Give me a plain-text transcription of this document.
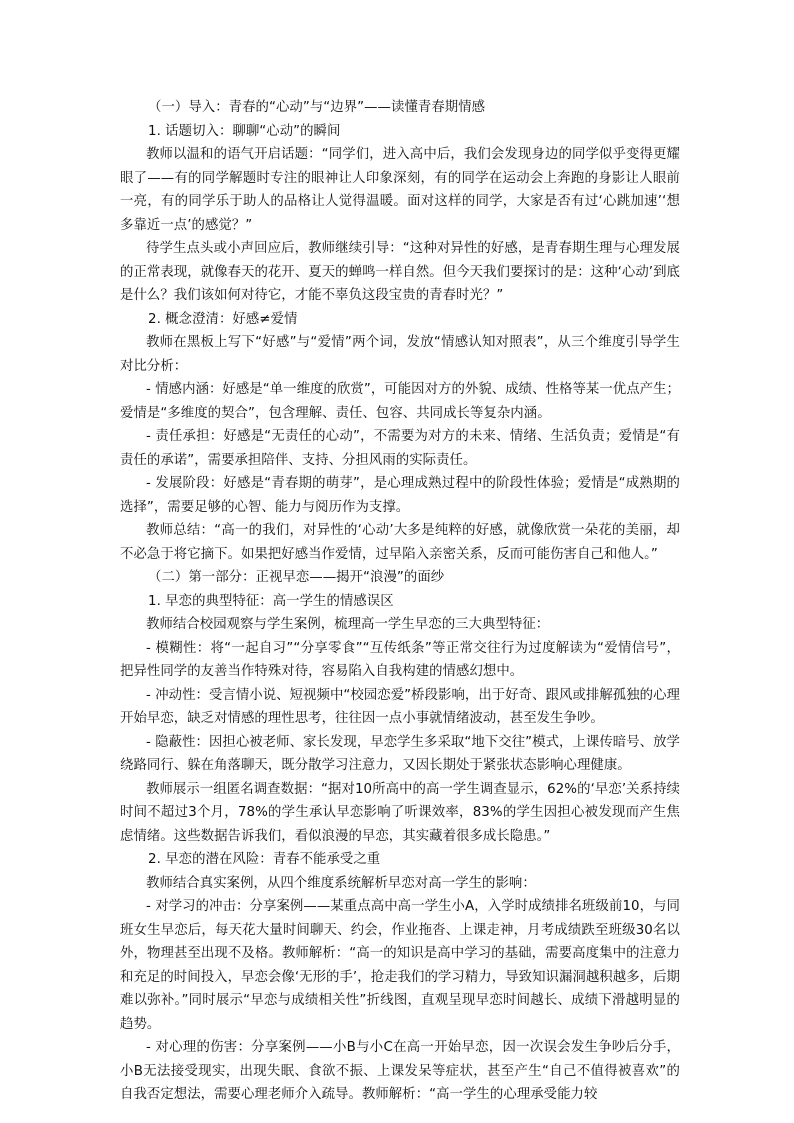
（一）导入：青春的“心动”与“边界”——读懂青春期情感

1. 话题切入：聊聊“心动”的瞬间

教师以温和的语气开启话题：“同学们，进入高中后，我们会发现身边的同学似乎变得更耀眼了——有的同学解题时专注的眼神让人印象深刻，有的同学在运动会上奔跑的身影让人眼前一亮，有的同学乐于助人的品格让人觉得温暖。面对这样的同学，大家是否有过‘心跳加速’‘想多靠近一点’的感觉？”

待学生点头或小声回应后，教师继续引导：“这种对异性的好感，是青春期生理与心理发展的正常表现，就像春天的花开、夏天的蝉鸣一样自然。但今天我们要探讨的是：这种‘心动’到底是什么？我们该如何对待它，才能不辜负这段宝贵的青春时光？”

2. 概念澄清：好感≠爱情

教师在黑板上写下“好感”与“爱情”两个词，发放“情感认知对照表”，从三个维度引导学生对比分析：

- 情感内涵：好感是“单一维度的欣赏”，可能因对方的外貌、成绩、性格等某一优点产生；爱情是“多维度的契合”，包含理解、责任、包容、共同成长等复杂内涵。

- 责任承担：好感是“无责任的心动”，不需要为对方的未来、情绪、生活负责；爱情是“有责任的承诺”，需要承担陪伴、支持、分担风雨的实际责任。

- 发展阶段：好感是“青春期的萌芽”，是心理成熟过程中的阶段性体验；爱情是“成熟期的选择”，需要足够的心智、能力与阅历作为支撑。

教师总结：“高一的我们，对异性的‘心动’大多是纯粹的好感，就像欣赏一朵花的美丽，却不必急于将它摘下。如果把好感当作爱情，过早陷入亲密关系，反而可能伤害自己和他人。”

（二）第一部分：正视早恋——揭开“浪漫”的面纱

1. 早恋的典型特征：高一学生的情感误区

教师结合校园观察与学生案例，梳理高一学生早恋的三大典型特征：

- 模糊性：将“一起自习”“分享零食”“互传纸条”等正常交往行为过度解读为“爱情信号”，把异性同学的友善当作特殊对待，容易陷入自我构建的情感幻想中。

- 冲动性：受言情小说、短视频中“校园恋爱”桥段影响，出于好奇、跟风或排解孤独的心理开始早恋，缺乏对情感的理性思考，往往因一点小事就情绪波动，甚至发生争吵。

- 隐蔽性：因担心被老师、家长发现，早恋学生多采取“地下交往”模式，上课传暗号、放学绕路同行、躲在角落聊天，既分散学习注意力，又因长期处于紧张状态影响心理健康。

教师展示一组匿名调查数据：“据对10所高中的高一学生调查显示，62%的‘早恋’关系持续时间不超过3个月，78%的学生承认早恋影响了听课效率，83%的学生因担心被发现而产生焦虑情绪。这些数据告诉我们，看似浪漫的早恋，其实藏着很多成长隐患。”

2. 早恋的潜在风险：青春不能承受之重

教师结合真实案例，从四个维度系统解析早恋对高一学生的影响：

- 对学习的冲击：分享案例——某重点高中高一学生小A，入学时成绩排名班级前10，与同班女生早恋后，每天花大量时间聊天、约会，作业拖沓、上课走神，月考成绩跌至班级30名以外，物理甚至出现不及格。教师解析：“高一的知识是高中学习的基础，需要高度集中的注意力和充足的时间投入，早恋会像‘无形的手’，抢走我们的学习精力，导致知识漏洞越积越多，后期难以弥补。”同时展示“早恋与成绩相关性”折线图，直观呈现早恋时间越长、成绩下滑越明显的趋势。

- 对心理的伤害：分享案例——小B与小C在高一开始早恋，因一次误会发生争吵后分手，小B无法接受现实，出现失眠、食欲不振、上课发呆等症状，甚至产生“自己不值得被喜欢”的自我否定想法，需要心理老师介入疏导。教师解析：“高一学生的心理承受能力较
